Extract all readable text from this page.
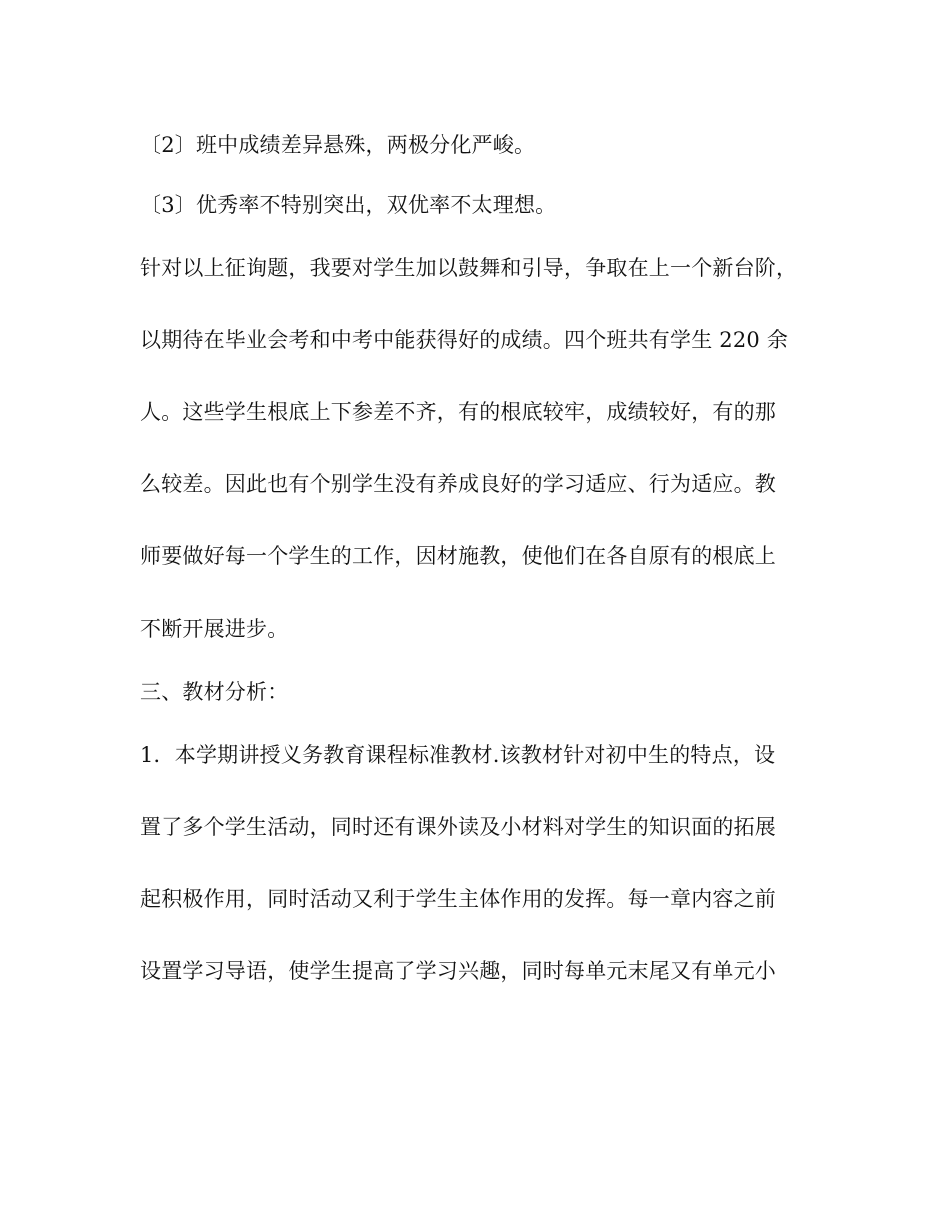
〔2〕班中成绩差异悬殊，两极分化严峻。
〔3〕优秀率不特别突出，双优率不太理想。
针对以上征询题，我要对学生加以鼓舞和引导，争取在上一个新台阶，
以期待在毕业会考和中考中能获得好的成绩。四个班共有学生 220 余
人。这些学生根底上下参差不齐，有的根底较牢，成绩较好，有的那
么较差。因此也有个别学生没有养成良好的学习适应、行为适应。教
师要做好每一个学生的工作，因材施教，使他们在各自原有的根底上
不断开展进步。
三、教材分析：
1．本学期讲授义务教育课程标准教材.该教材针对初中生的特点，设
置了多个学生活动，同时还有课外读及小材料对学生的知识面的拓展
起积极作用，同时活动又利于学生主体作用的发挥。每一章内容之前
设置学习导语，使学生提高了学习兴趣，同时每单元末尾又有单元小
